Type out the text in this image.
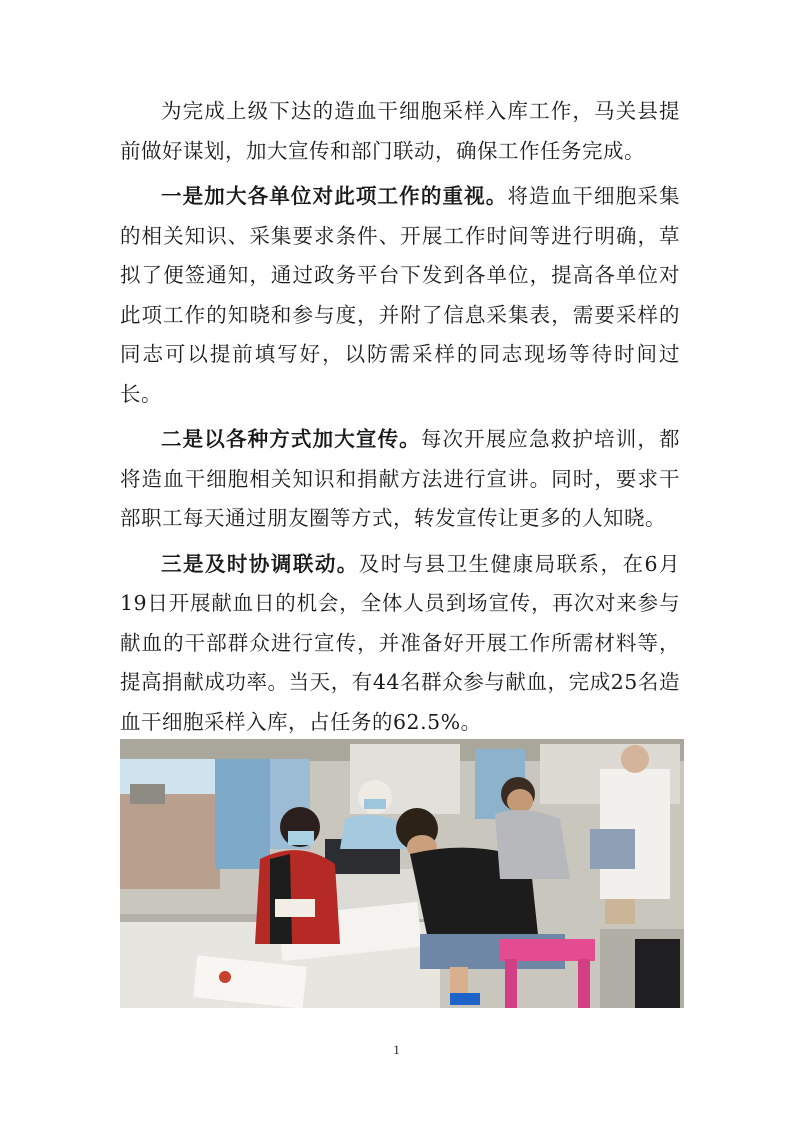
为完成上级下达的造血干细胞采样入库工作，马关县提前做好谋划，加大宣传和部门联动，确保工作任务完成。

一是加大各单位对此项工作的重视。将造血干细胞采集的相关知识、采集要求条件、开展工作时间等进行明确，草拟了便签通知，通过政务平台下发到各单位，提高各单位对此项工作的知晓和参与度，并附了信息采集表，需要采样的同志可以提前填写好，以防需采样的同志现场等待时间过长。

二是以各种方式加大宣传。每次开展应急救护培训，都将造血干细胞相关知识和捐献方法进行宣讲。同时，要求干部职工每天通过朋友圈等方式，转发宣传让更多的人知晓。

三是及时协调联动。及时与县卫生健康局联系，在6月19日开展献血日的机会，全体人员到场宣传，再次对来参与献血的干部群众进行宣传，并准备好开展工作所需材料等，提高捐献成功率。当天，有44名群众参与献血，完成25名造血干细胞采样入库，占任务的62.5%。

1
